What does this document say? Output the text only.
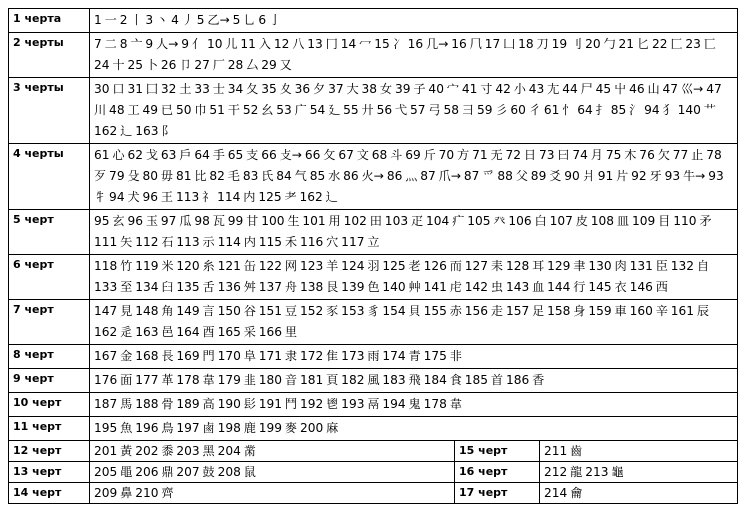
1 черта	1 一 2 丨 3 丶 4 丿 5 乙→ 5 乚 6 亅		
2 черты	7 二 8 亠 9 人→ 9 亻 10 儿 11 入 12 八 13 冂 14 冖 15 冫 16 几→ 16 ⺇ 17 凵 18 刀 19 刂 20 勹 21 匕 22 匚 23 匸 24 十 25 卜 26 卩 27 厂 28 厶 29 又		
3 черты	30 口 31 囗 32 土 33 士 34 夂 35 夊 36 夕 37 大 38 女 39 子 40 宀 41 寸 42 小 43 尢 44 尸 45 屮 46 山 47 巛→ 47 川 48 工 49 已 50 巾 51 干 52 幺 53 广 54 廴 55 廾 56 弋 57 弓 58 彐 59 彡 60 彳 61 忄 64 扌 85 氵 94 犭 140 艹 162 辶 163 阝		
4 черты	61 心 62 戈 63 戶 64 手 65 支 66 攴→ 66 攵 67 文 68 斗 69 斤 70 方 71 无 72 日 73 曰 74 月 75 木 76 欠 77 止 78 歹 79 殳 80 毋 81 比 82 毛 83 氏 84 气 85 水 86 火→ 86 灬 87 爪→ 87 爫 88 父 89 爻 90 爿 91 片 92 牙 93 牛→ 93 牜 94 犬 96 王 113 礻 114 内 125 耂 162 辶		
5 черт	95 玄 96 玉 97 瓜 98 瓦 99 甘 100 生 101 用 102 田 103 疋 104 疒 105 癶 106 白 107 皮 108 皿 109 目 110 矛 111 矢 112 石 113 示 114 内 115 禾 116 穴 117 立		
6 черт	118 竹 119 米 120 糸 121 缶 122 网 123 羊 124 羽 125 老 126 而 127 耒 128 耳 129 聿 130 肉 131 臣 132 自 133 至 134 臼 135 舌 136 舛 137 舟 138 艮 139 色 140 艸 141 虍 142 虫 143 血 144 行 145 衣 146 西		
7 черт	147 見 148 角 149 言 150 谷 151 豆 152 豕 153 豸 154 貝 155 赤 156 走 157 足 158 身 159 車 160 辛 161 辰 162 辵 163 邑 164 酉 165 采 166 里		
8 черт	167 金 168 長 169 門 170 阜 171 隶 172 隹 173 雨 174 青 175 非		
9 черт	176 面 177 革 178 韋 179 韭 180 音 181 頁 182 風 183 飛 184 食 185 首 186 香		
10 черт	187 馬 188 骨 189 高 190 髟 191 鬥 192 鬯 193 鬲 194 鬼 178 韋		
11 черт	195 魚 196 鳥 197 鹵 198 鹿 199 麥 200 麻		
12 черт	201 黃 202 黍 203 黑 204 黹	15 черт	211 齒
13 черт	205 黽 206 鼎 207 鼓 208 鼠	16 черт	212 龍 213 龜
14 черт	209 鼻 210 齊	17 черт	214 龠
